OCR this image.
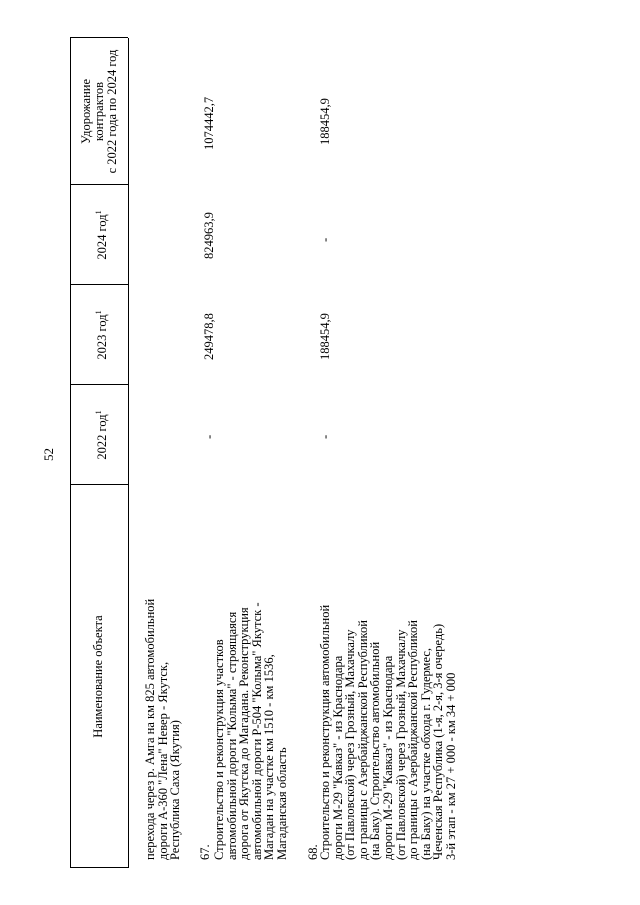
52
Наименование объекта
2022 год$^1$
2023 год$^1$
2024 год$^1$
Удорожание контрактов с 2022 года по 2024 год
перехода через р. Амга на км 825 автомобильной
дороги А-360 "Лена" Невер - Якутск,
Республика Саха (Якутия) 67. Строительство и реконструкция участков
автомобильной дороги "Колыма" - строящаяся
дорога от Якутска до Магадана. Реконструкция
автомобильной дороги Р-504 "Колыма" Якутск -
Магадан на участке км 1510 - км 1536,
Магаданская область
-
249478,8
824963,9
1074442,7
68.
Строительство и реконструкция автомобильной
дороги М-29 "Кавказ" - из Краснодара
(от Павловской) через Грозный, Махачкалу
до границы с Азербайджанской Республикой
(на Баку). Строительство автомобильной
дороги М-29 "Кавказ" - из Краснодара
(от Павловской) через Грозный, Махачкалу
до границы с Азербайджанской Республикой
(на Баку) на участке обхода г. Гудермес,
Чеченская Республика (1-я, 2-я, 3-я очередь)
3-й этап - км 27 + 000 - км 34 + 000
-
188454,9
-
188454,9
